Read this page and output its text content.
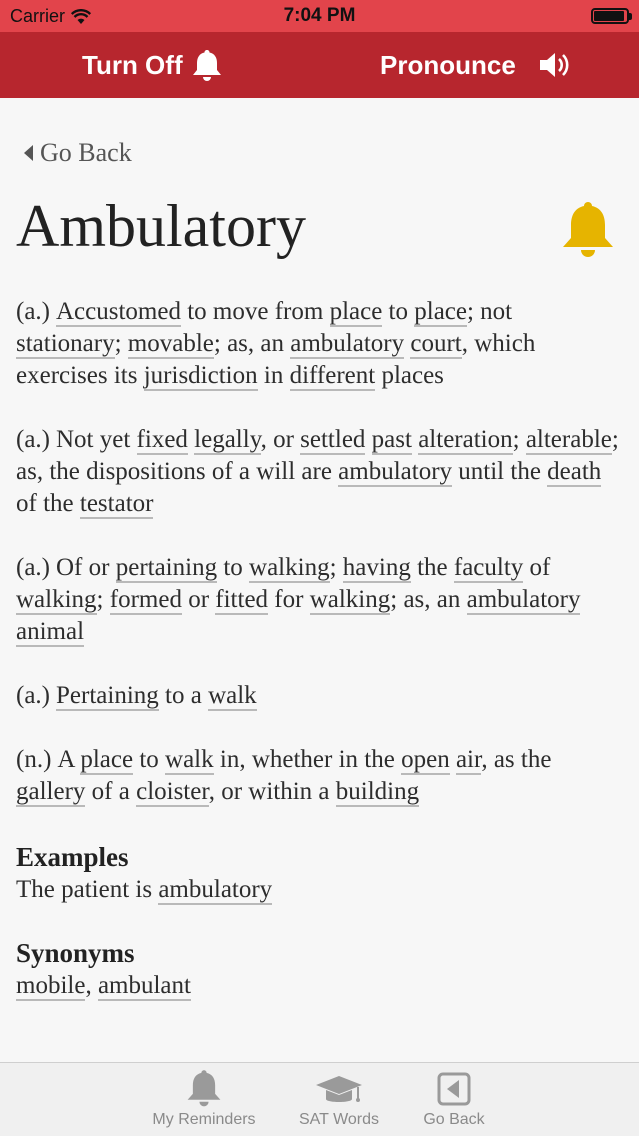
Carrier	7:04 PM
Turn Off	Pronounce
Go Back
Ambulatory
(a.) Accustomed to move from place to place; not stationary; movable; as, an ambulatory court, which exercises its jurisdiction in different places
(a.) Not yet fixed legally, or settled past alteration; alterable; as, the dispositions of a will are ambulatory until the death of the testator
(a.) Of or pertaining to walking; having the faculty of walking; formed or fitted for walking; as, an ambulatory animal
(a.) Pertaining to a walk
(n.) A place to walk in, whether in the open air, as the gallery of a cloister, or within a building
Examples
The patient is ambulatory
Synonyms
mobile, ambulant
My Reminders	SAT Words	Go Back
